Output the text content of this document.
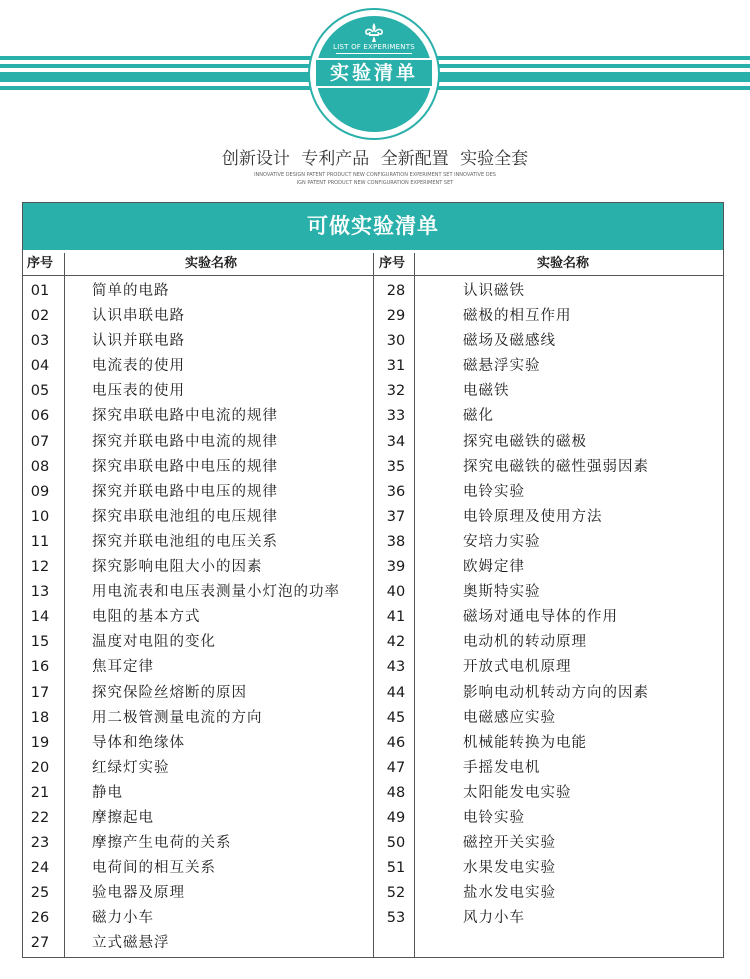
LIST OF EXPERIMENTS
实验清单
创新设计 专利产品 全新配置 实验全套
INNOVATIVE DESIGN PATENT PRODUCT NEW CONFIGURATION EXPERIMENT SET INNOVATIVE DES
IGN PATENT PRODUCT NEW CONFIGURATION EXPERIMENT SET
可做实验清单
序号	实验名称	序号	实验名称
01	简单的电路	28	认识磁铁
02	认识串联电路	29	磁极的相互作用
03	认识并联电路	30	磁场及磁感线
04	电流表的使用	31	磁悬浮实验
05	电压表的使用	32	电磁铁
06	探究串联电路中电流的规律	33	磁化
07	探究并联电路中电流的规律	34	探究电磁铁的磁极
08	探究串联电路中电压的规律	35	探究电磁铁的磁性强弱因素
09	探究并联电路中电压的规律	36	电铃实验
10	探究串联电池组的电压规律	37	电铃原理及使用方法
11	探究并联电池组的电压关系	38	安培力实验
12	探究影响电阻大小的因素	39	欧姆定律
13	用电流表和电压表测量小灯泡的功率	40	奥斯特实验
14	电阻的基本方式	41	磁场对通电导体的作用
15	温度对电阻的变化	42	电动机的转动原理
16	焦耳定律	43	开放式电机原理
17	探究保险丝熔断的原因	44	影响电动机转动方向的因素
18	用二极管测量电流的方向	45	电磁感应实验
19	导体和绝缘体	46	机械能转换为电能
20	红绿灯实验	47	手摇发电机
21	静电	48	太阳能发电实验
22	摩擦起电	49	电铃实验
23	摩擦产生电荷的关系	50	磁控开关实验
24	电荷间的相互关系	51	水果发电实验
25	验电器及原理	52	盐水发电实验
26	磁力小车	53	风力小车
27	立式磁悬浮
